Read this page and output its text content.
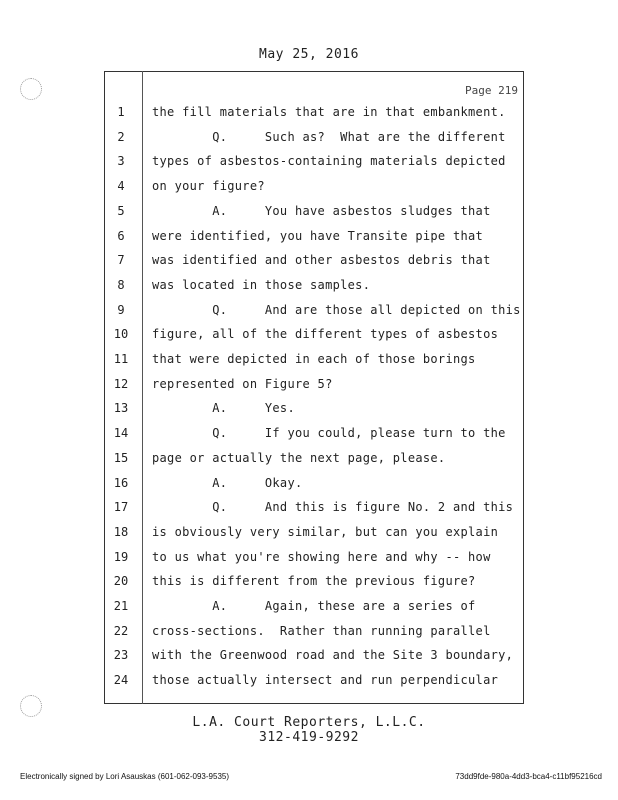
May 25, 2016
Page 219
1	the fill materials that are in that embankment.
2	Q.     Such as?  What are the different
3	types of asbestos-containing materials depicted
4	on your figure?
5	A.     You have asbestos sludges that
6	were identified, you have Transite pipe that
7	was identified and other asbestos debris that
8	was located in those samples.
9	Q.     And are those all depicted on this
10	figure, all of the different types of asbestos
11	that were depicted in each of those borings
12	represented on Figure 5?
13	A.     Yes.
14	Q.     If you could, please turn to the
15	page or actually the next page, please.
16	A.     Okay.
17	Q.     And this is figure No. 2 and this
18	is obviously very similar, but can you explain
19	to us what you're showing here and why -- how
20	this is different from the previous figure?
21	A.     Again, these are a series of
22	cross-sections.  Rather than running parallel
23	with the Greenwood road and the Site 3 boundary,
24	those actually intersect and run perpendicular
L.A. Court Reporters, L.L.C.
312-419-9292
Electronically signed by Lori Asauskas (601-062-093-9535)	73dd9fde-980a-4dd3-bca4-c11bf95216cd
